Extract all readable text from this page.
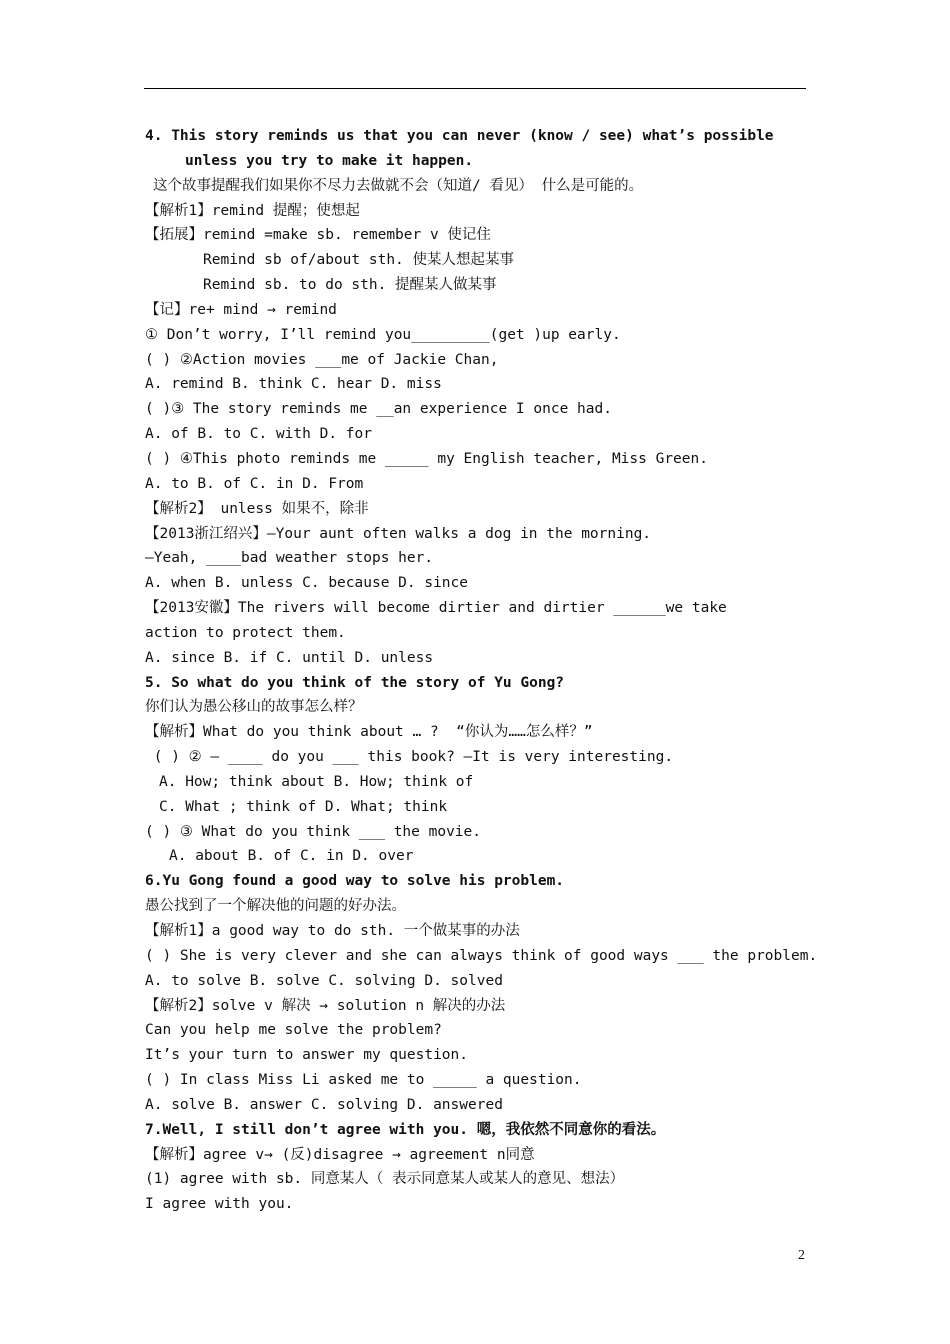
4. This story reminds us that you can never (know / see) what’s possible
unless you try to make it happen.
这个故事提醒我们如果你不尽力去做就不会（知道/ 看见） 什么是可能的。
【解析1】remind 提醒；使想起
【拓展】remind =make sb. remember v 使记住
Remind sb of/about sth. 使某人想起某事
Remind sb. to do sth. 提醒某人做某事
【记】re+ mind → remind
① Don’t worry, I’ll remind you_________(get )up early.
( ) ②Action movies ___me of Jackie Chan,
A. remind B. think C. hear D. miss
( )③ The story reminds me __an experience I once had.
A. of B. to C. with D. for
( ) ④This photo reminds me _____ my English teacher, Miss Green.
A. to B. of C. in D. From
【解析2】 unless 如果不，除非
【2013浙江绍兴】—Your aunt often walks a dog in the morning.
—Yeah, ____bad weather stops her.
A. when B. unless C. because D. since
【2013安徽】The rivers will become dirtier and dirtier ______we take
action to protect them.
A. since B. if C. until D. unless
5. So what do you think of the story of Yu Gong?
你们认为愚公移山的故事怎么样？
【解析】What do you think about … ?  “你认为……怎么样？”
( ) ② — ____ do you ___ this book? —It is very interesting.
A. How; think about B. How; think of
C. What ; think of D. What; think
( ) ③ What do you think ___ the movie.
A. about B. of C. in D. over
6.Yu Gong found a good way to solve his problem.
愚公找到了一个解决他的问题的好办法。
【解析1】a good way to do sth. 一个做某事的办法
( ) She is very clever and she can always think of good ways ___ the problem.
A. to solve B. solve C. solving D. solved
【解析2】solve v 解决 → solution n 解决的办法
Can you help me solve the problem?
It’s your turn to answer my question.
( ) In class Miss Li asked me to _____ a question.
A. solve B. answer C. solving D. answered
7.Well, I still don’t agree with you. 嗯，我依然不同意你的看法。
【解析】agree v→ (反)disagree → agreement n同意
(1) agree with sb. 同意某人（ 表示同意某人或某人的意见、想法）
I agree with you.
2
